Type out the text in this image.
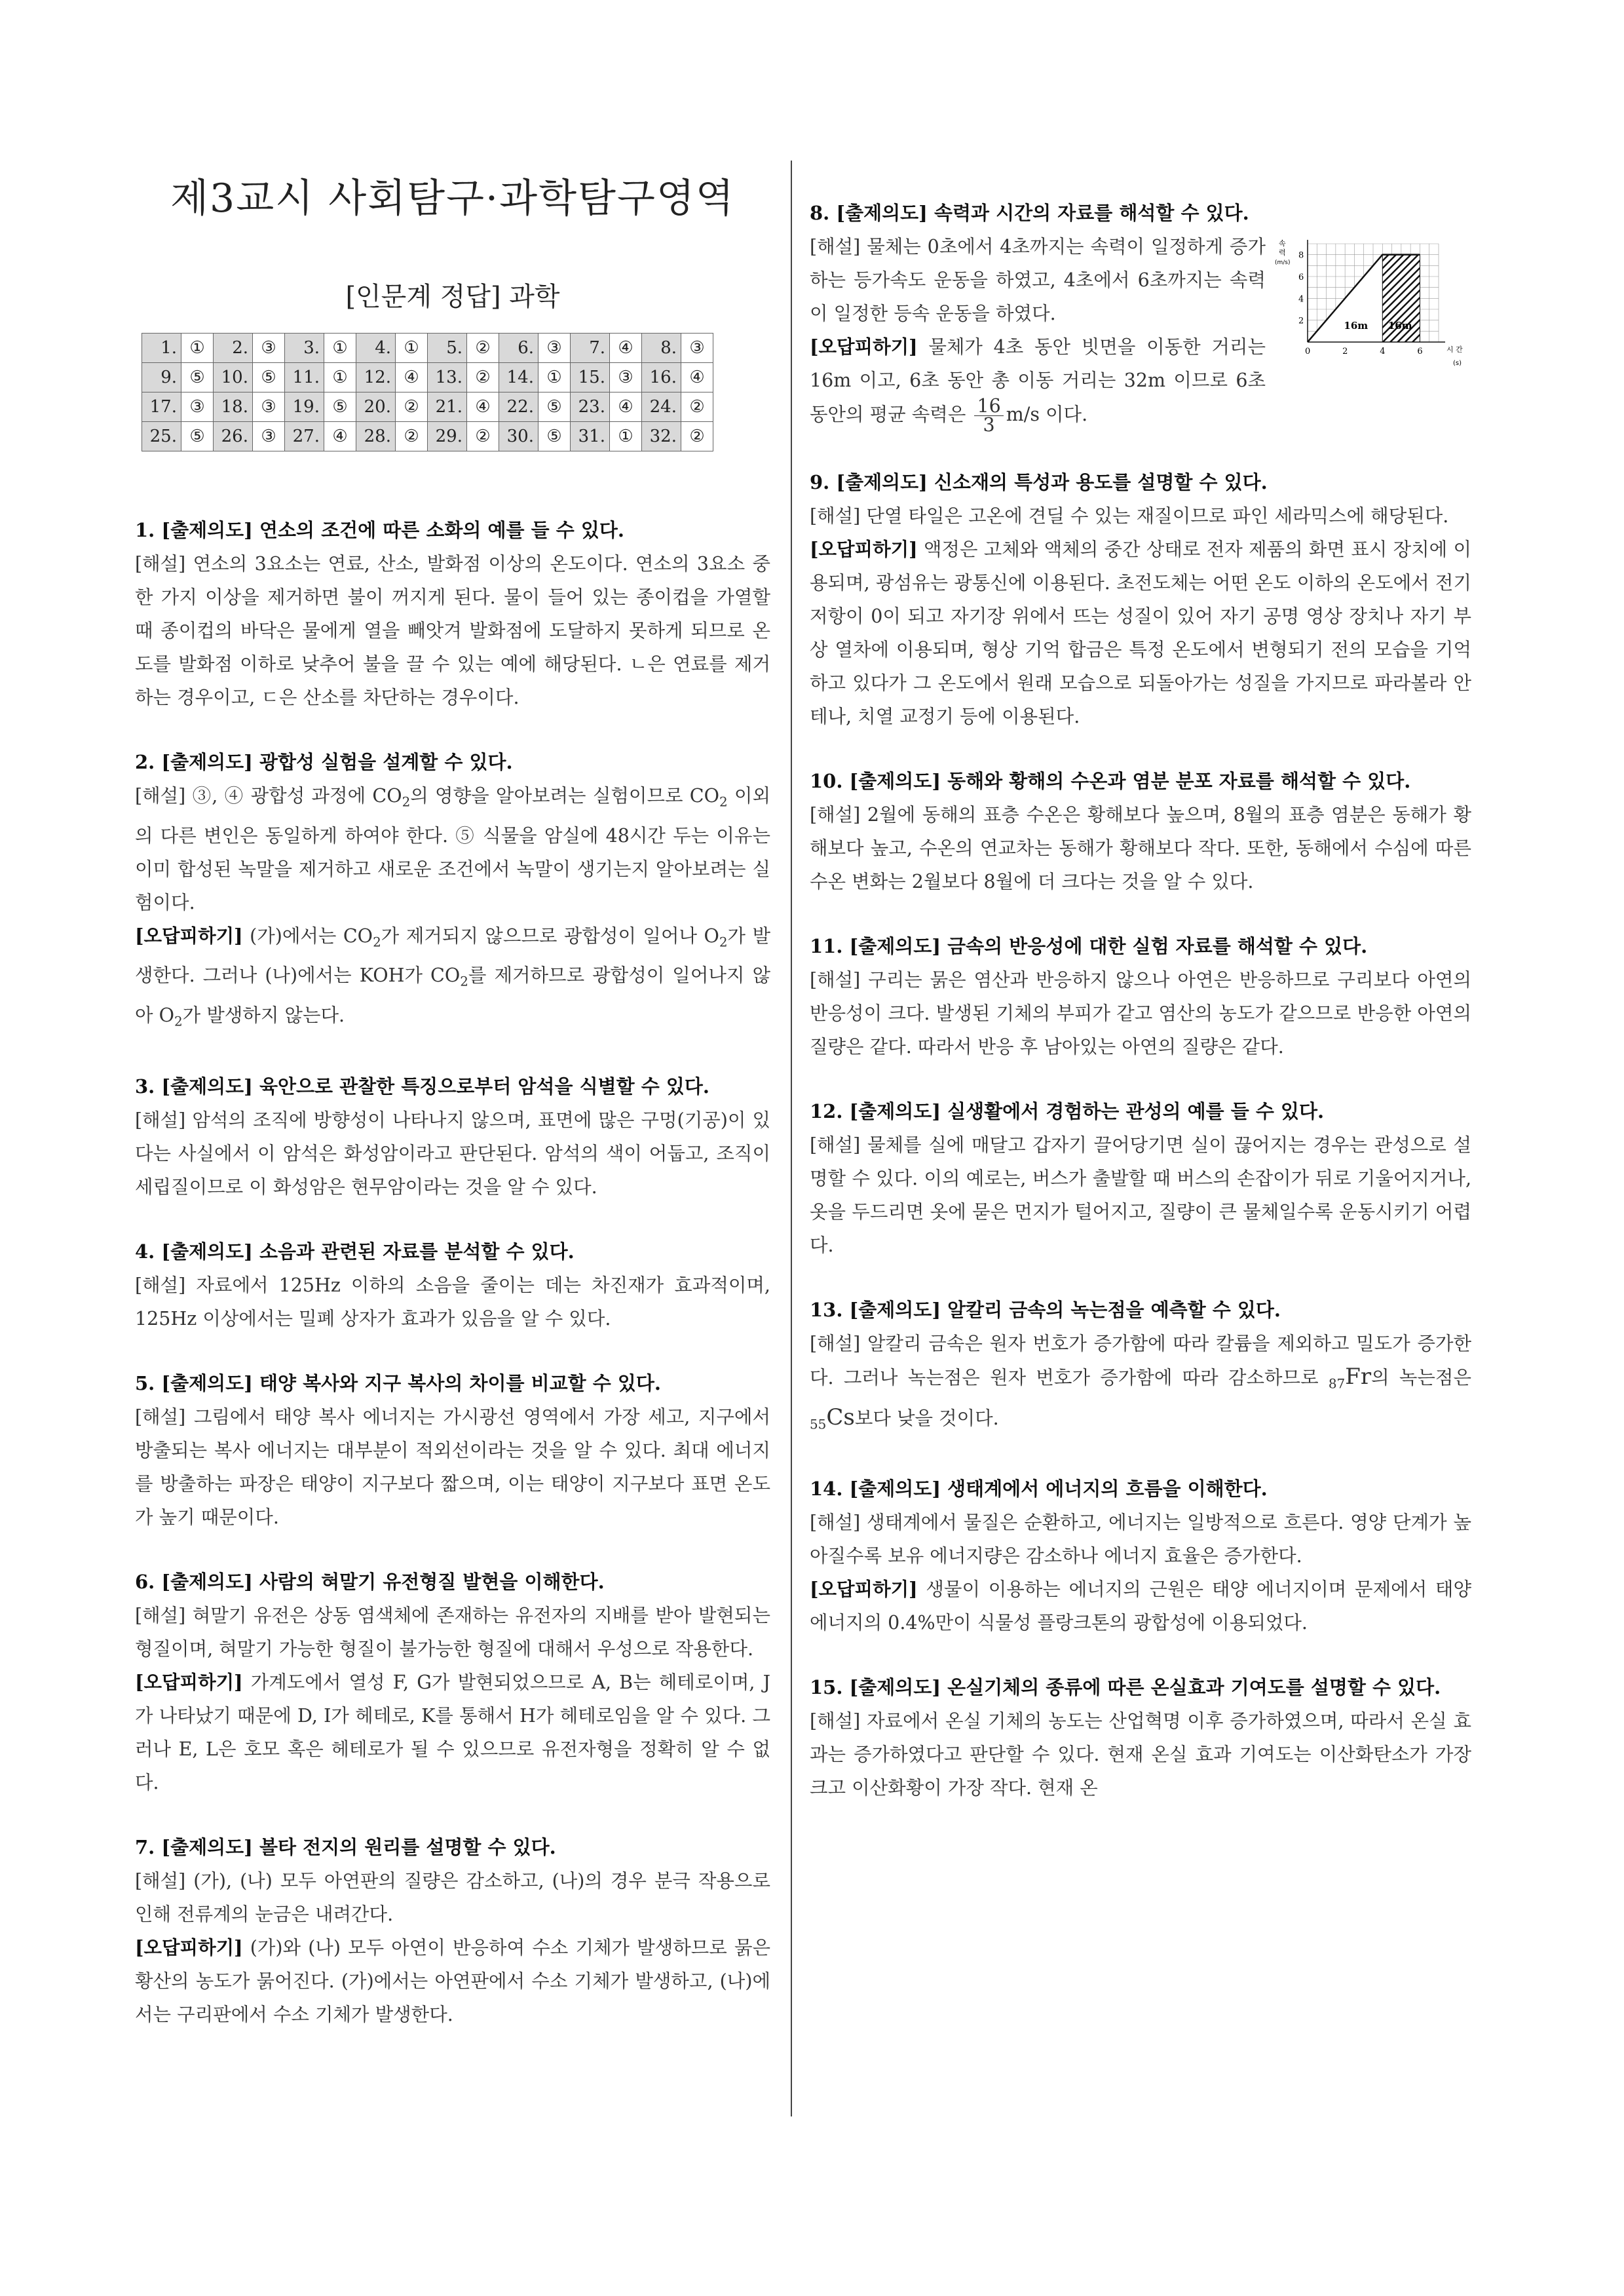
제3교시 사회탐구·과학탐구영역
[인문계 정답] 과학
1.	①	2.	③	3.	①	4.	①	5.	②	6.	③	7.	④	8.	③
9.	⑤	10.	⑤	11.	①	12.	④	13.	②	14.	①	15.	③	16.	④
17.	③	18.	③	19.	⑤	20.	②	21.	④	22.	⑤	23.	④	24.	②
25.	⑤	26.	③	27.	④	28.	②	29.	②	30.	⑤	31.	①	32.	②

1. [출제의도] 연소의 조건에 따른 소화의 예를 들 수 있다.

[해설] 연소의 3요소는 연료, 산소, 발화점 이상의 온도이다. 연소의 3요소 중 한 가지 이상을 제거하면 불이 꺼지게 된다. 물이 들어 있는 종이컵을 가열할 때 종이컵의 바닥은 물에게 열을 빼앗겨 발화점에 도달하지 못하게 되므로 온도를 발화점 이하로 낮추어 불을 끌 수 있는 예에 해당된다. ㄴ은 연료를 제거하는 경우이고, ㄷ은 산소를 차단하는 경우이다.

2. [출제의도] 광합성 실험을 설계할 수 있다.

[해설] ③, ④ 광합성 과정에 $CO_2$의 영향을 알아보려는 실험이므로 $CO_2$ 이외의 다른 변인은 동일하게 하여야 한다. ⑤ 식물을 암실에 48시간 두는 이유는 이미 합성된 녹말을 제거하고 새로운 조건에서 녹말이 생기는지 알아보려는 실험이다.

[오답피하기] (가)에서는 $CO_2$가 제거되지 않으므로 광합성이 일어나 $O_2$가 발생한다. 그러나 (나)에서는 KOH가 $CO_2$를 제거하므로 광합성이 일어나지 않아 $O_2$가 발생하지 않는다.

3. [출제의도] 육안으로 관찰한 특징으로부터 암석을 식별할 수 있다.

[해설] 암석의 조직에 방향성이 나타나지 않으며, 표면에 많은 구멍(기공)이 있다는 사실에서 이 암석은 화성암이라고 판단된다. 암석의 색이 어둡고, 조직이 세립질이므로 이 화성암은 현무암이라는 것을 알 수 있다.

4. [출제의도] 소음과 관련된 자료를 분석할 수 있다.

[해설] 자료에서 125Hz 이하의 소음을 줄이는 데는 차진재가 효과적이며, 125Hz 이상에서는 밀폐 상자가 효과가 있음을 알 수 있다.

5. [출제의도] 태양 복사와 지구 복사의 차이를 비교할 수 있다.

[해설] 그림에서 태양 복사 에너지는 가시광선 영역에서 가장 세고, 지구에서 방출되는 복사 에너지는 대부분이 적외선이라는 것을 알 수 있다. 최대 에너지를 방출하는 파장은 태양이 지구보다 짧으며, 이는 태양이 지구보다 표면 온도가 높기 때문이다.

6. [출제의도] 사람의 혀말기 유전형질 발현을 이해한다.

[해설] 혀말기 유전은 상동 염색체에 존재하는 유전자의 지배를 받아 발현되는 형질이며, 혀말기 가능한 형질이 불가능한 형질에 대해서 우성으로 작용한다.

[오답피하기] 가계도에서 열성 F, G가 발현되었으므로 A, B는 헤테로이며, J가 나타났기 때문에 D, I가 헤테로, K를 통해서 H가 헤테로임을 알 수 있다. 그러나 E, L은 호모 혹은 헤테로가 될 수 있으므로 유전자형을 정확히 알 수 없다.

7. [출제의도] 볼타 전지의 원리를 설명할 수 있다.

[해설] (가), (나) 모두 아연판의 질량은 감소하고, (나)의 경우 분극 작용으로 인해 전류계의 눈금은 내려간다.

[오답피하기] (가)와 (나) 모두 아연이 반응하여 수소 기체가 발생하므로 묽은 황산의 농도가 묽어진다. (가)에서는 아연판에서 수소 기체가 발생하고, (나)에서는 구리판에서 수소 기체가 발생한다.

8. [출제의도] 속력과 시간의 자료를 해석할 수 있다.

2
4
6
8
0	2	4	6
16m 16m
속
력
(m/s)
시 간
(s)

[해설] 물체는 0초에서 4초까지는 속력이 일정하게 증가하는 등가속도 운동을 하였고, 4초에서 6초까지는 속력이 일정한 등속 운동을 하였다.

[오답피하기] 물체가 4초 동안 빗면을 이동한 거리는 16m 이고, 6초 동안 총 이동 거리는 32m 이므로 6초 동안의 평균 속력은 $\frac{16}{3} m/s$ 이다.

9. [출제의도] 신소재의 특성과 용도를 설명할 수 있다.

[해설] 단열 타일은 고온에 견딜 수 있는 재질이므로 파인 세라믹스에 해당된다.

[오답피하기] 액정은 고체와 액체의 중간 상태로 전자 제품의 화면 표시 장치에 이용되며, 광섬유는 광통신에 이용된다. 초전도체는 어떤 온도 이하의 온도에서 전기 저항이 0이 되고 자기장 위에서 뜨는 성질이 있어 자기 공명 영상 장치나 자기 부상 열차에 이용되며, 형상 기억 합금은 특정 온도에서 변형되기 전의 모습을 기억하고 있다가 그 온도에서 원래 모습으로 되돌아가는 성질을 가지므로 파라볼라 안테나, 치열 교정기 등에 이용된다.

10. [출제의도] 동해와 황해의 수온과 염분 분포 자료를 해석할 수 있다.

[해설] 2월에 동해의 표층 수온은 황해보다 높으며, 8월의 표층 염분은 동해가 황해보다 높고, 수온의 연교차는 동해가 황해보다 작다. 또한, 동해에서 수심에 따른 수온 변화는 2월보다 8월에 더 크다는 것을 알 수 있다.

11. [출제의도] 금속의 반응성에 대한 실험 자료를 해석할 수 있다.

[해설] 구리는 묽은 염산과 반응하지 않으나 아연은 반응하므로 구리보다 아연의 반응성이 크다. 발생된 기체의 부피가 같고 염산의 농도가 같으므로 반응한 아연의 질량은 같다. 따라서 반응 후 남아있는 아연의 질량은 같다.

12. [출제의도] 실생활에서 경험하는 관성의 예를 들 수 있다.

[해설] 물체를 실에 매달고 갑자기 끌어당기면 실이 끊어지는 경우는 관성으로 설명할 수 있다. 이의 예로는, 버스가 출발할 때 버스의 손잡이가 뒤로 기울어지거나, 옷을 두드리면 옷에 묻은 먼지가 털어지고, 질량이 큰 물체일수록 운동시키기 어렵다.

13. [출제의도] 알칼리 금속의 녹는점을 예측할 수 있다.

[해설] 알칼리 금속은 원자 번호가 증가함에 따라 칼륨을 제외하고 밀도가 증가한다. 그러나 녹는점은 원자 번호가 증가함에 따라 감소하므로 $_{87}$Fr의 녹는점은 $_{55}$Cs보다 낮을 것이다.

14. [출제의도] 생태계에서 에너지의 흐름을 이해한다.

[해설] 생태계에서 물질은 순환하고, 에너지는 일방적으로 흐른다. 영양 단계가 높아질수록 보유 에너지량은 감소하나 에너지 효율은 증가한다.

[오답피하기] 생물이 이용하는 에너지의 근원은 태양 에너지이며 문제에서 태양 에너지의 0.4%만이 식물성 플랑크톤의 광합성에 이용되었다.

15. [출제의도] 온실기체의 종류에 따른 온실효과 기여도를 설명할 수 있다.

[해설] 자료에서 온실 기체의 농도는 산업혁명 이후 증가하였으며, 따라서 온실 효과는 증가하였다고 판단할 수 있다. 현재 온실 효과 기여도는 이산화탄소가 가장 크고 이산화황이 가장 작다. 현재 온
